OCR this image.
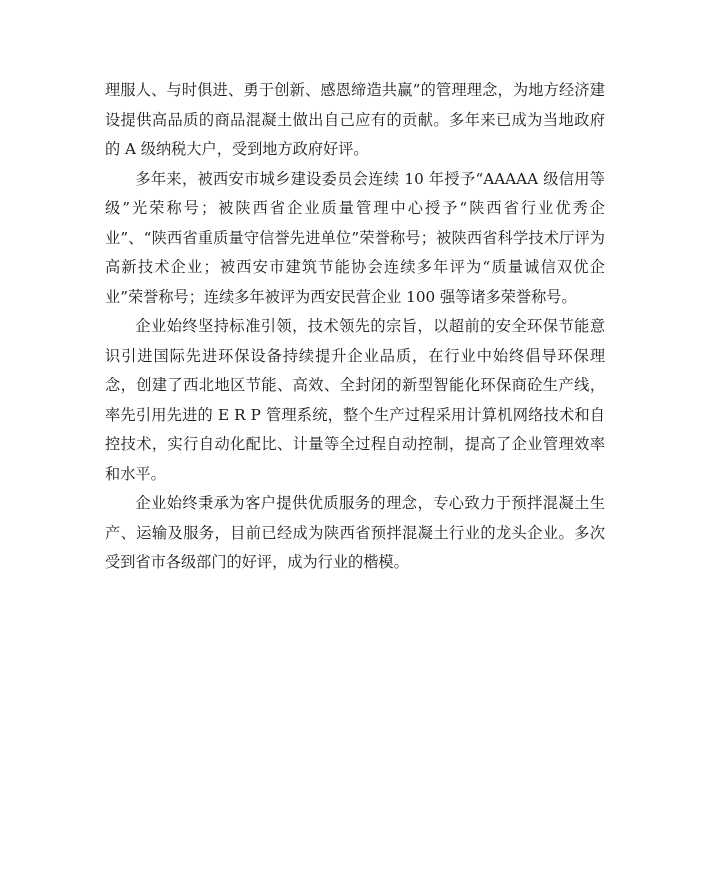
理服人、与时俱进、勇于创新、感恩缔造共赢”的管理理念，为地方经济建设提供高品质的商品混凝土做出自己应有的贡献。多年来已成为当地政府的 A 级纳税大户，受到地方政府好评。

多年来，被西安市城乡建设委员会连续 10 年授予“AAAAA 级信用等级”光荣称号；被陕西省企业质量管理中心授予“陕西省行业优秀企业”、“陕西省重质量守信誉先进单位”荣誉称号；被陕西省科学技术厅评为高新技术企业；被西安市建筑节能协会连续多年评为“质量诚信双优企业”荣誉称号；连续多年被评为西安民营企业 100 强等诸多荣誉称号。

企业始终坚持标准引领，技术领先的宗旨，以超前的安全环保节能意识引进国际先进环保设备持续提升企业品质，在行业中始终倡导环保理念，创建了西北地区节能、高效、全封闭的新型智能化环保商砼生产线，率先引用先进的 E R P 管理系统，整个生产过程采用计算机网络技术和自控技术，实行自动化配比、计量等全过程自动控制，提高了企业管理效率和水平。

企业始终秉承为客户提供优质服务的理念，专心致力于预拌混凝土生产、运输及服务，目前已经成为陕西省预拌混凝土行业的龙头企业。多次受到省市各级部门的好评，成为行业的楷模。
